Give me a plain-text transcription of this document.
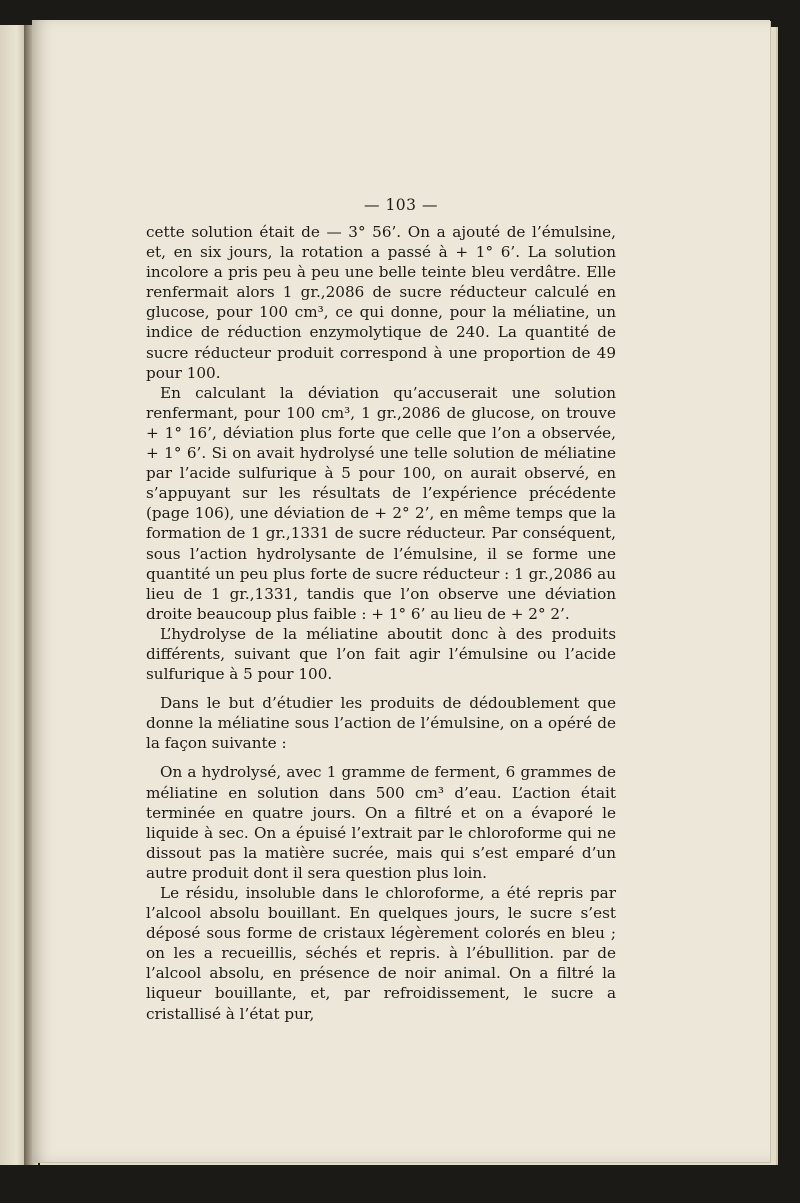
— 103 —

cette solution était de — 3° 56’. On a ajouté de l’émulsine, et, en six jours, la rotation a passé à + 1° 6’. La solution incolore a pris peu à peu une belle teinte bleu verdâtre. Elle renfermait alors 1 gr.,2086 de sucre réducteur calculé en glucose, pour 100 cm³, ce qui donne, pour la méliatine, un indice de réduction enzymolytique de 240. La quantité de sucre réducteur produit correspond à une proportion de 49 pour 100.

En calculant la déviation qu’accuserait une solution renfermant, pour 100 cm³, 1 gr.,2086 de glucose, on trouve + 1° 16’, déviation plus forte que celle que l’on a observée, + 1° 6’. Si on avait hydrolysé une telle solution de méliatine par l’acide sulfurique à 5 pour 100, on aurait observé, en s’appuyant sur les résultats de l’expérience précédente (page 106), une déviation de + 2° 2’, en même temps que la formation de 1 gr.,1331 de sucre réducteur. Par conséquent, sous l’action hydrolysante de l’émulsine, il se forme une quantité un peu plus forte de sucre réducteur : 1 gr.,2086 au lieu de 1 gr.,1331, tandis que l’on observe une déviation droite beaucoup plus faible : + 1° 6’ au lieu de + 2° 2’.

L’hydrolyse de la méliatine aboutit donc à des produits différents, suivant que l’on fait agir l’émulsine ou l’acide sulfurique à 5 pour 100.

Dans le but d’étudier les produits de dédoublement que donne la méliatine sous l’action de l’émulsine, on a opéré de la façon suivante :

On a hydrolysé, avec 1 gramme de ferment, 6 grammes de méliatine en solution dans 500 cm³ d’eau. L’action était terminée en quatre jours. On a filtré et on a évaporé le liquide à sec. On a épuisé l’extrait par le chloroforme qui ne dissout pas la matière sucrée, mais qui s’est emparé d’un autre produit dont il sera question plus loin.

Le résidu, insoluble dans le chloroforme, a été repris par l’alcool absolu bouillant. En quelques jours, le sucre s’est déposé sous forme de cristaux légèrement colorés en bleu ; on les a recueillis, séchés et repris. à l’ébullition. par de l’alcool absolu, en présence de noir animal. On a filtré la liqueur bouillante, et, par refroidissement, le sucre a cristallisé à l’état pur,
